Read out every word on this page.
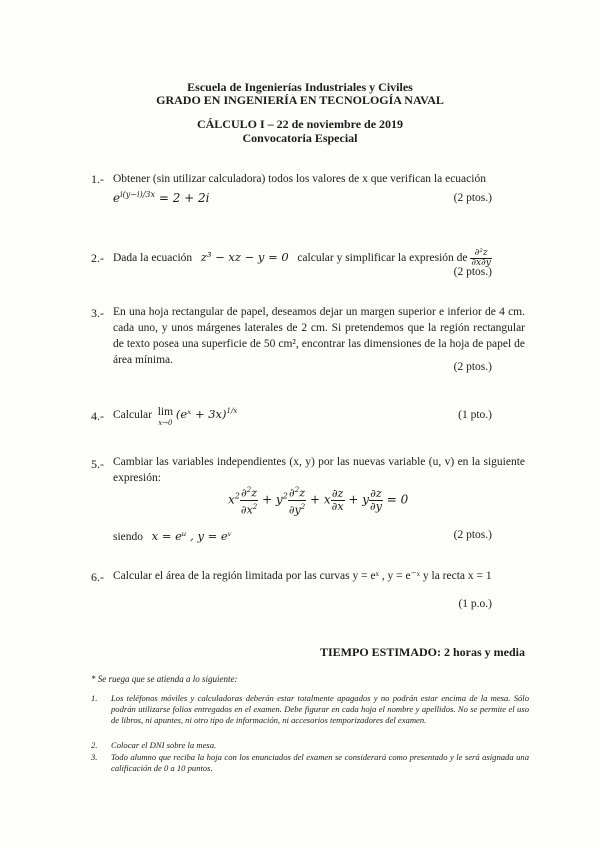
Escuela de Ingenierías Industriales y Civiles
GRADO EN INGENIERÍA EN TECNOLOGÍA NAVAL
CÁLCULO I – 22 de noviembre de 2019
Convocatoria Especial
1.- Obtener (sin utilizar calculadora) todos los valores de x que verifican la ecuación
$e^{i(y-i)/3x} = 2 + 2i$	(2 ptos.)
2.- Dada la ecuación z³ − xz − y = 0 calcular y simplificar la expresión de $\frac{\text{∂²z}}{\partial x\partial y}$
(2 ptos.)
3.- En una hoja rectangular de papel, deseamos dejar un margen superior e inferior de 4 cm. cada uno, y unos márgenes laterales de 2 cm. Si pretendemos que la región rectangular de texto posea una superficie de 50 cm², encontrar las dimensiones de la hoja de papel de área mínima.
(2 ptos.)
4.- Calcular lim
x→0
(eˣ + 3x)$^{1/x}$	(1 pto.)
5.- Cambiar las variables independientes (x, y) por las nuevas variable (u, v) en la siguiente expresión:
$x^2 \frac{\partial^2z}{\partial x^2} + y^2 \frac{\partial^2z}{\partial y^2} + x \frac{\partial z}{\partial x} + y \frac{\partial z}{\partial y} = 0$
siendo x = eᵘ , y = eᵛ	(2 ptos.)
6.- Calcular el área de la región limitada por las curvas y = eˣ , y = e⁻ˣ y la recta x = 1
(1 p.o.)
TIEMPO ESTIMADO: 2 horas y media
* Se ruega que se atienda a lo siguiente:
1. Los teléfonos móviles y calculadoras deberán estar totalmente apagados y no podrán estar encima de la mesa. Sólo podrán utilizarse folios entregados en el examen. Debe figurar en cada hoja el nombre y apellidos. No se permite el uso de libros, ni apuntes, ni otro tipo de información, ni accesorios temporizadores del examen.
2. Colocar el DNI sobre la mesa.
3. Todo alumno que reciba la hoja con los enunciados del examen se considerará como presentado y le será asignada una calificación de 0 a 10 puntos.
